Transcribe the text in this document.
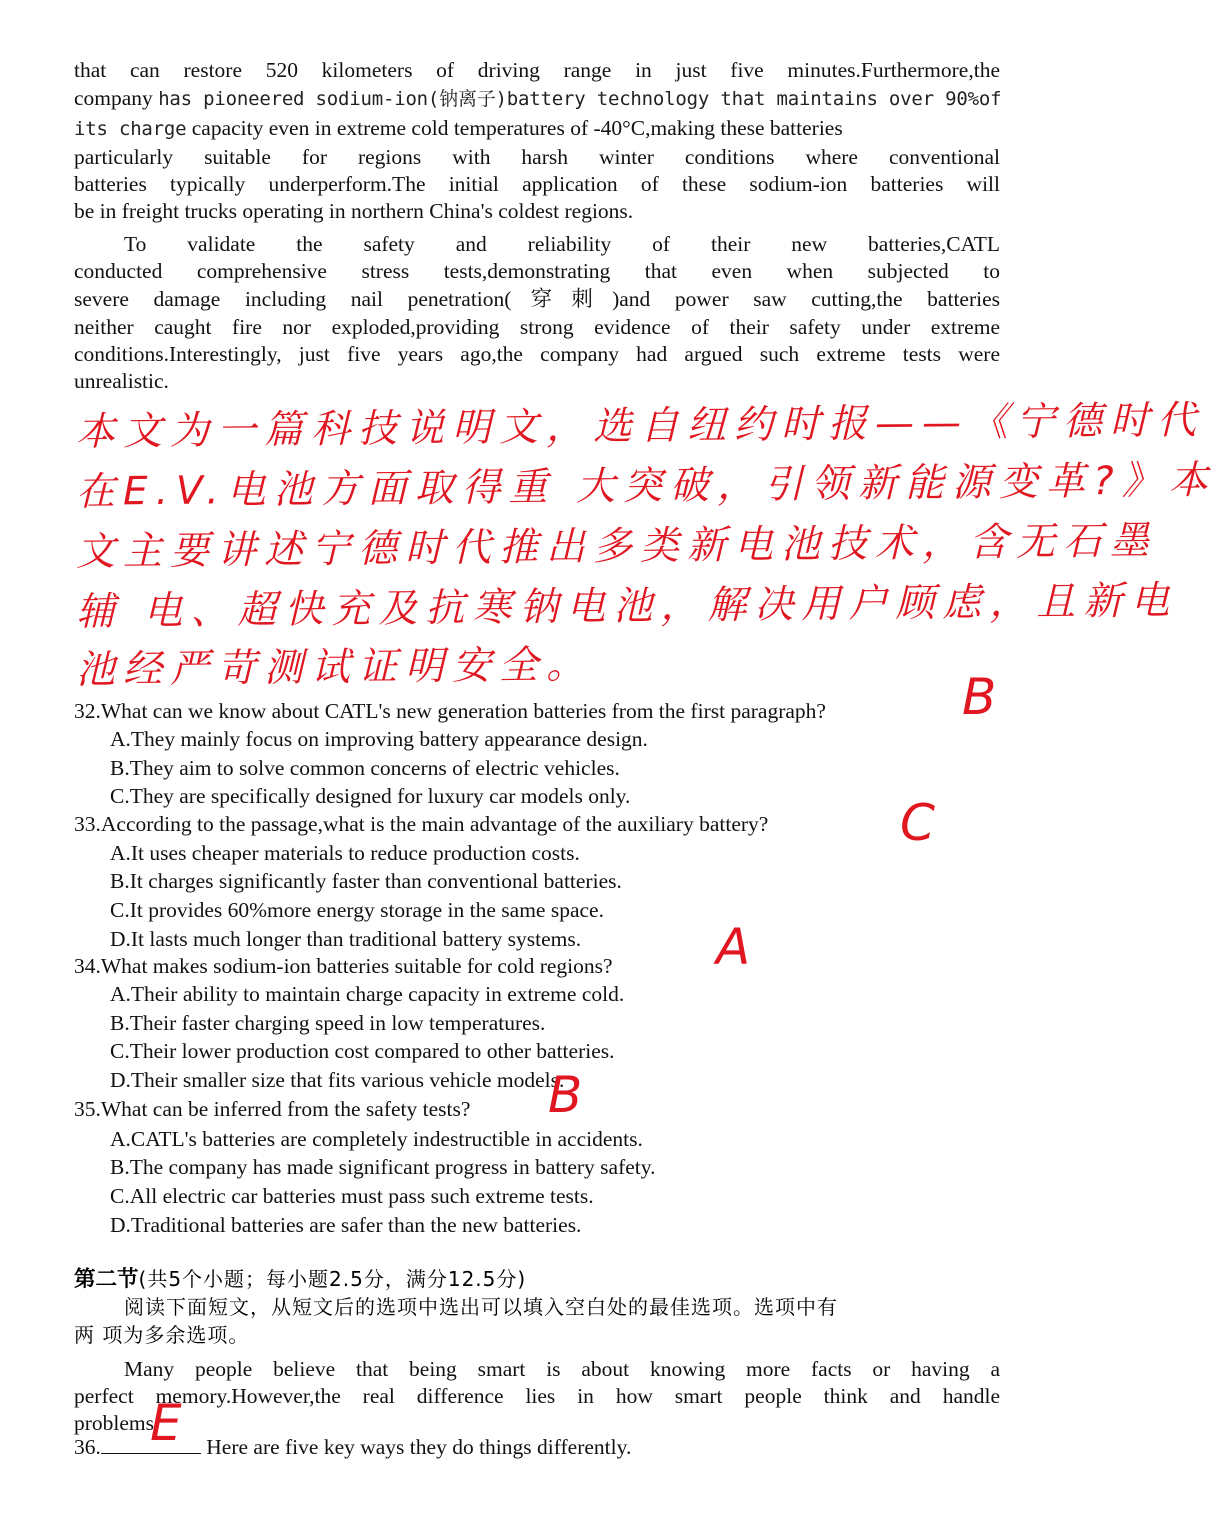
that can restore 520 kilometers of driving range in just five minutes.Furthermore,the
company has pioneered sodium-ion(钠离子)battery technology that maintains over 90%of
its charge capacity even in extreme cold temperatures of -40°C,making these batteries
particularly suitable for regions with harsh winter conditions where conventional
batteries typically underperform.The initial application of these sodium-ion batteries will
be in freight trucks operating in northern China's coldest regions.
To validate the safety and reliability of their new batteries,CATL
conducted comprehensive stress tests,demonstrating that even when subjected to
severe damage including nail penetration(穿刺)and power saw cutting,the batteries
neither caught fire nor exploded,providing strong evidence of their safety under extreme
conditions.Interestingly, just five years ago,the company had argued such extreme tests were
unrealistic.
本文为一篇科技说明文，选自纽约时报——《宁德时代
在E.V.电池方面取得重 大突破，引领新能源变革?》本
文主要讲述宁德时代推出多类新电池技术，含无石墨
辅 电、超快充及抗寒钠电池，解决用户顾虑，且新电
池经严苛测试证明安全。
32.What can we know about CATL's new generation batteries from the first paragraph?
A.They mainly focus on improving battery appearance design.
B.They aim to solve common concerns of electric vehicles.
C.They are specifically designed for luxury car models only.
B
33.According to the passage,what is the main advantage of the auxiliary battery?
A.It uses cheaper materials to reduce production costs.
B.It charges significantly faster than conventional batteries.
C.It provides 60%more energy storage in the same space.
D.It lasts much longer than traditional battery systems.
C
34.What makes sodium-ion batteries suitable for cold regions?
A.Their ability to maintain charge capacity in extreme cold.
B.Their faster charging speed in low temperatures.
C.Their lower production cost compared to other batteries.
D.Their smaller size that fits various vehicle models.
A
35.What can be inferred from the safety tests?
A.CATL's batteries are completely indestructible in accidents.
B.The company has made significant progress in battery safety.
C.All electric car batteries must pass such extreme tests.
D.Traditional batteries are safer than the new batteries.
B
第二节(共5个小题；每小题2.5分，满分12.5分)
阅读下面短文，从短文后的选项中选出可以填入空白处的最佳选项。选项中有
两 项为多余选项。
Many people believe that being smart is about knowing more facts or having a
perfect memory.However,the real difference lies in how smart people think and handle
problems.
36.	Here are five key ways they do things differently.
E
